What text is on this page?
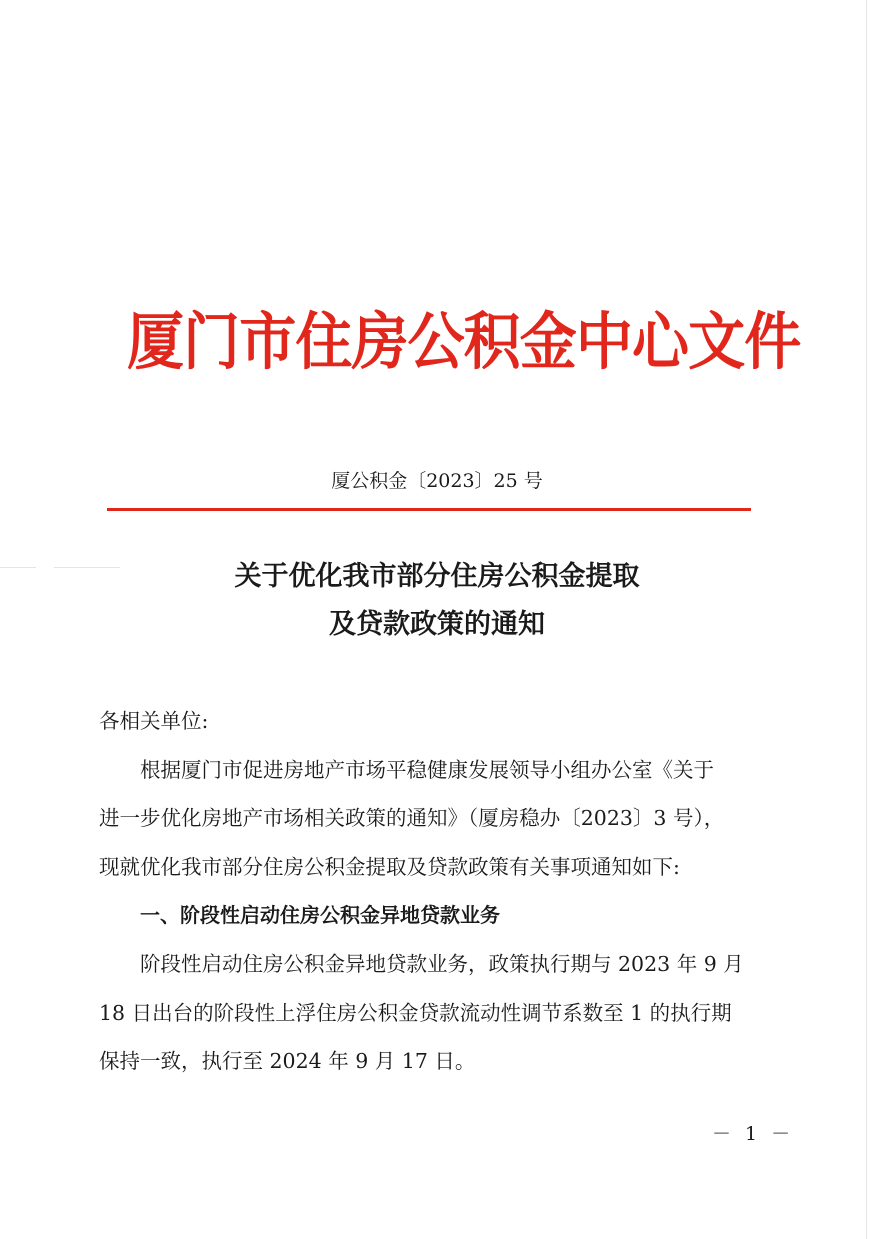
厦门市住房公积金中心文件
厦公积金〔2023〕25 号
关于优化我市部分住房公积金提取
及贷款政策的通知

各相关单位:

根据厦门市促进房地产市场平稳健康发展领导小组办公室《关于

进一步优化房地产市场相关政策的通知》（厦房稳办〔2023〕3 号），

现就优化我市部分住房公积金提取及贷款政策有关事项通知如下:

一、阶段性启动住房公积金异地贷款业务

阶段性启动住房公积金异地贷款业务，政策执行期与 2023 年 9 月

18 日出台的阶段性上浮住房公积金贷款流动性调节系数至 1 的执行期

保持一致，执行至 2024 年 9 月 17 日。

－ 1 －
